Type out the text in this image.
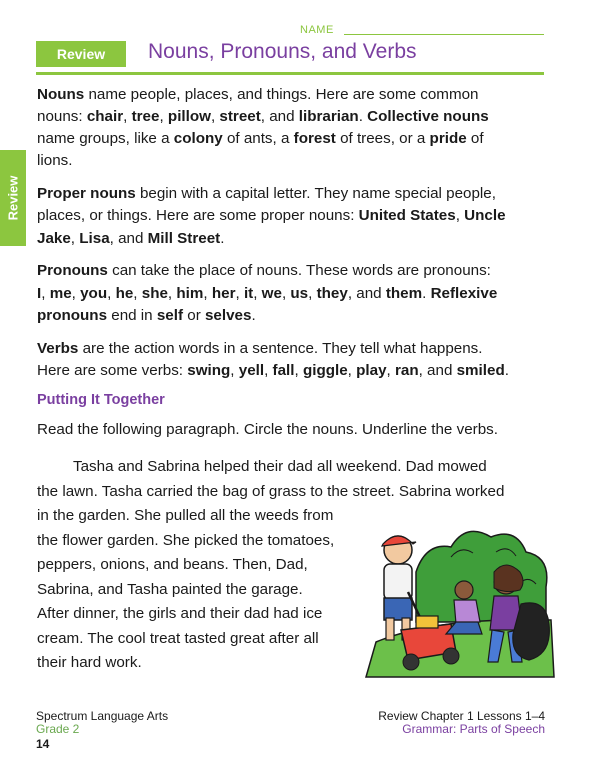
NAME
Review	Nouns, Pronouns, and Verbs
Review
Nouns name people, places, and things. Here are some common
nouns: chair, tree, pillow, street, and librarian. Collective nouns
name groups, like a colony of ants, a forest of trees, or a pride of
lions.
Proper nouns begin with a capital letter. They name special people,
places, or things. Here are some proper nouns: United States, Uncle
Jake, Lisa, and Mill Street.
Pronouns can take the place of nouns. These words are pronouns:
I, me, you, he, she, him, her, it, we, us, they, and them. Reflexive
pronouns end in self or selves.
Verbs are the action words in a sentence. They tell what happens.
Here are some verbs: swing, yell, fall, giggle, play, ran, and smiled.
Putting It Together
Read the following paragraph. Circle the nouns. Underline the verbs.
Tasha and Sabrina helped their dad all weekend. Dad mowed
the lawn. Tasha carried the bag of grass to the street. Sabrina worked
in the garden. She pulled all the weeds from
the flower garden. She picked the tomatoes,
peppers, onions, and beans. Then, Dad,
Sabrina, and Tasha painted the garage.
After dinner, the girls and their dad had ice
cream. The cool treat tasted great after all
their hard work.
Spectrum Language Arts
Grade 2
14
Review Chapter 1 Lessons 1–4
Grammar: Parts of Speech
